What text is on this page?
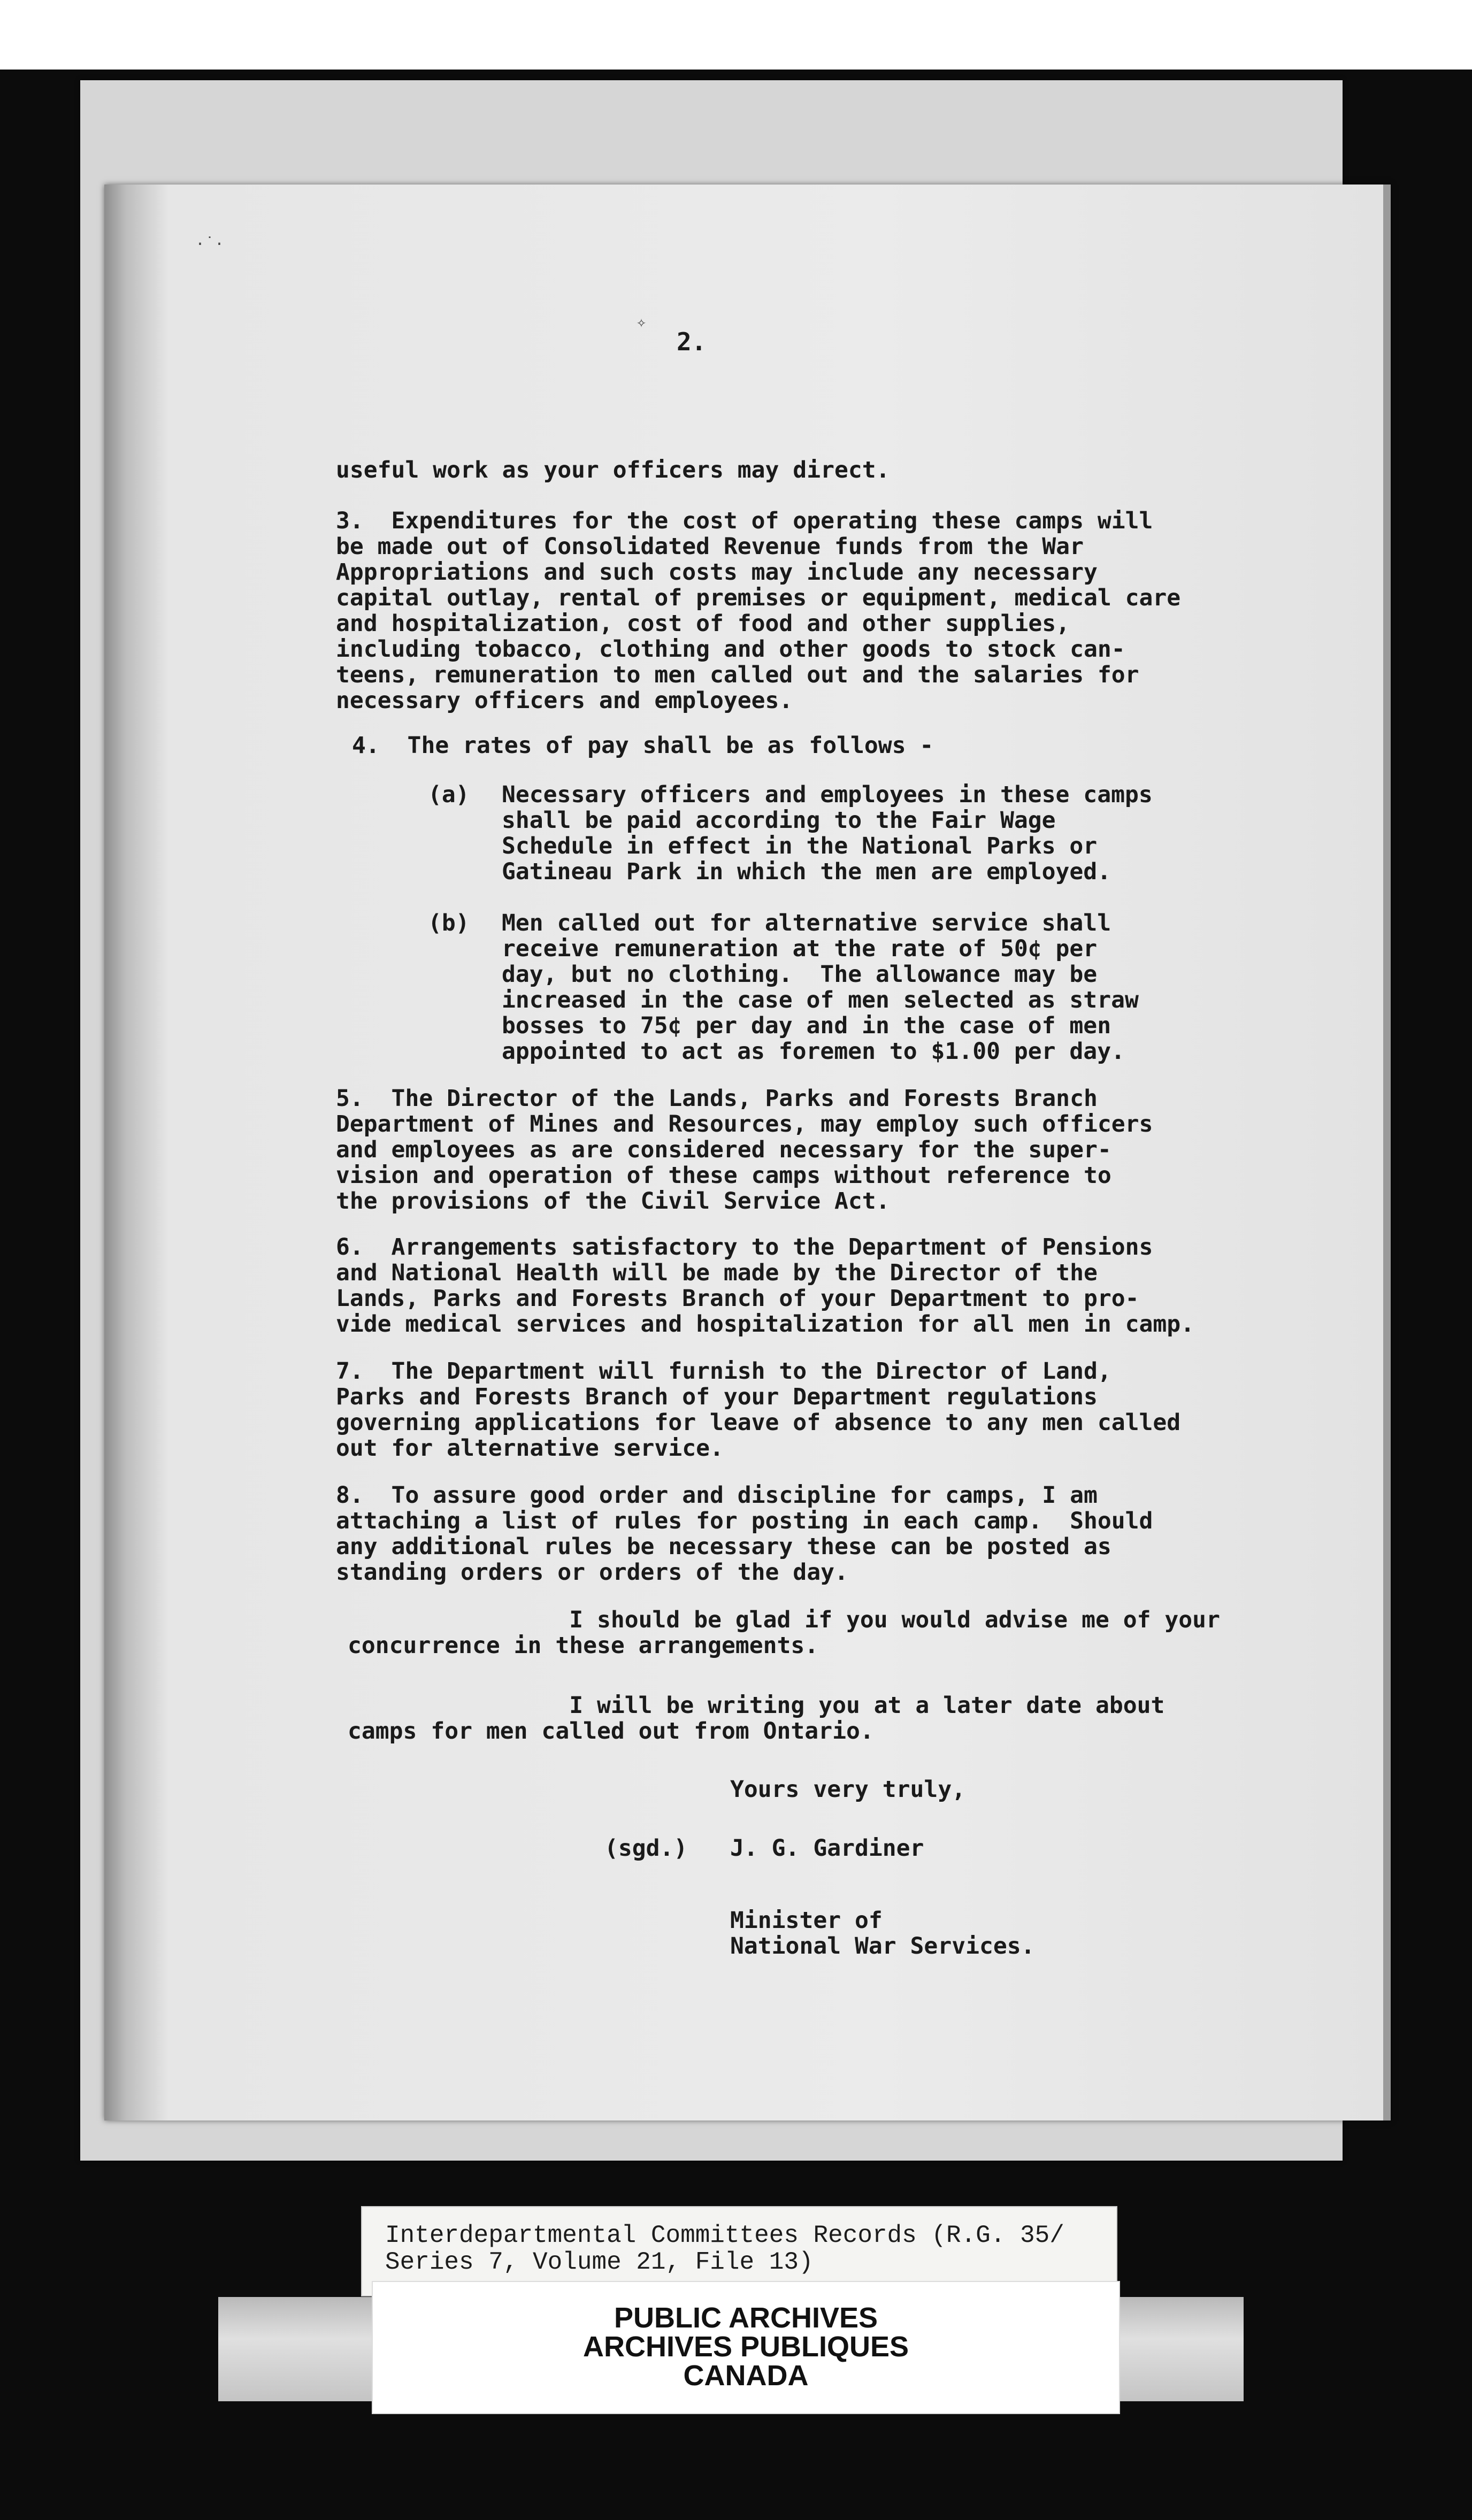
·˙·
✧
2.
useful work as your officers may direct.
3.  Expenditures for the cost of operating these camps will
be made out of Consolidated Revenue funds from the War
Appropriations and such costs may include any necessary
capital outlay, rental of premises or equipment, medical care
and hospitalization, cost of food and other supplies,
including tobacco, clothing and other goods to stock can-
teens, remuneration to men called out and the salaries for
necessary officers and employees.
4.  The rates of pay shall be as follows -
(a) Necessary officers and employees in these camps
shall be paid according to the Fair Wage
Schedule in effect in the National Parks or
Gatineau Park in which the men are employed.
(b) Men called out for alternative service shall
receive remuneration at the rate of 50¢ per
day, but no clothing.  The allowance may be
increased in the case of men selected as straw
bosses to 75¢ per day and in the case of men
appointed to act as foremen to $1.00 per day.
5.  The Director of the Lands, Parks and Forests Branch
Department of Mines and Resources, may employ such officers
and employees as are considered necessary for the super-
vision and operation of these camps without reference to
the provisions of the Civil Service Act.
6.  Arrangements satisfactory to the Department of Pensions
and National Health will be made by the Director of the
Lands, Parks and Forests Branch of your Department to pro-
vide medical services and hospitalization for all men in camp.
7.  The Department will furnish to the Director of Land,
Parks and Forests Branch of your Department regulations
governing applications for leave of absence to any men called
out for alternative service.
8.  To assure good order and discipline for camps, I am
attaching a list of rules for posting in each camp.  Should
any additional rules be necessary these can be posted as
standing orders or orders of the day.
I should be glad if you would advise me of your
concurrence in these arrangements.
I will be writing you at a later date about
camps for men called out from Ontario.
Yours very truly,
(sgd.) J. G. Gardiner
Minister of
National War Services.
Interdepartmental Committees Records (R.G. 35/
Series 7, Volume 21, File 13)
PUBLIC ARCHIVES
ARCHIVES PUBLIQUES
CANADA
